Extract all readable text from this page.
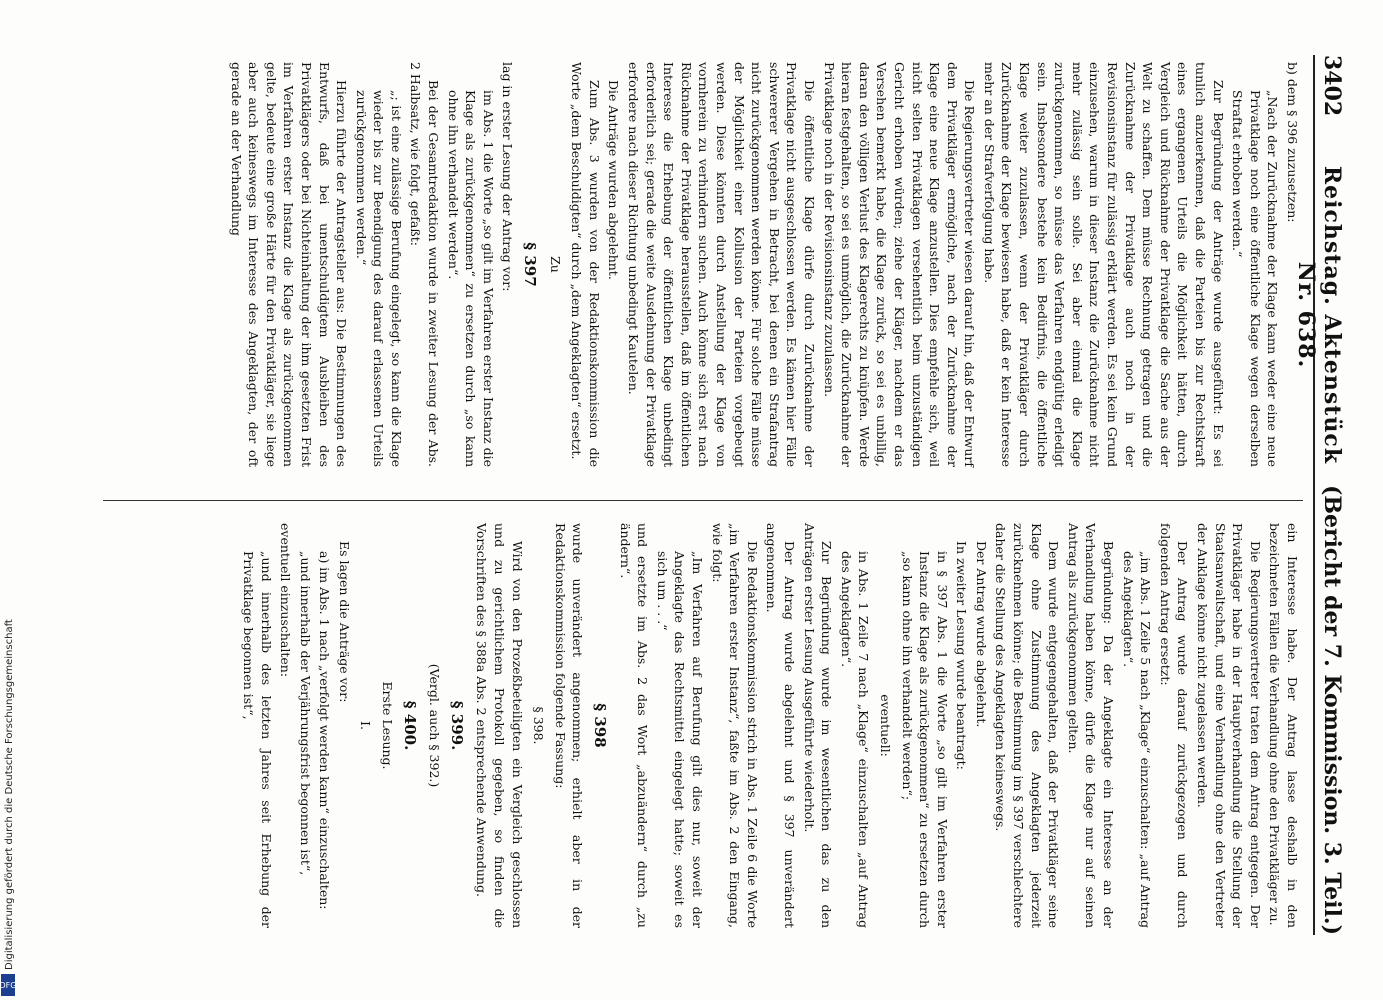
3402
Reichstag. Aktenstück Nr. 638.
(Bericht der 7. Kommission. 3. Teil.)

b) dem § 396 zuzusetzen:

„Nach der Zurücknahme der Klage kann weder eine neue Privatklage noch eine öffentliche Klage wegen derselben Straftat erhoben werden.“

Zur Begründung der Anträge wurde ausgeführt: Es sei tunlich anzuerkennen, daß die Parteien bis zur Rechtskraft eines ergangenen Urteils die Möglichkeit hätten, durch Vergleich und Rücknahme der Privatklage die Sache aus der Welt zu schaffen. Dem müsse Rechnung getragen und die Zurücknahme der Privatklage auch noch in der Revisionsinstanz für zulässig erklärt werden. Es sei kein Grund einzusehen, warum in dieser Instanz die Zurücknahme nicht mehr zulässig sein solle. Sei aber einmal die Klage zurückgenommen, so müsse das Verfahren endgültig erledigt sein. Insbesondere bestehe kein Bedürfnis, die öffentliche Klage weiter zuzulassen, wenn der Privatkläger durch Zurücknahme der Klage bewiesen habe, daß er kein Interesse mehr an der Strafverfolgung habe.

Die Regierungsvertreter wiesen darauf hin, daß der Entwurf dem Privatkläger ermögliche, nach der Zurücknahme der Klage eine neue Klage anzustellen. Dies empfehle sich, weil nicht selten Privatklagen versehentlich beim unzuständigen Gericht erhoben würden; ziehe der Kläger, nachdem er das Versehen bemerkt habe, die Klage zurück, so sei es unbillig, daran den völligen Verlust des Klagerechts zu knüpfen. Werde hieran festgehalten, so sei es unmöglich, die Zurücknahme der Privatklage noch in der Revisionsinstanz zuzulassen.

Die öffentliche Klage dürfe durch Zurücknahme der Privatklage nicht ausgeschlossen werden. Es kämen hier Fälle schwererer Vergehen in Betracht, bei denen ein Strafantrag nicht zurückgenommen werden könne. Für solche Fälle müsse der Möglichkeit einer Kollusion der Parteien vorgebeugt werden. Diese könnten durch Anstellung der Klage von vornherein zu verhindern suchen. Auch könne sich erst nach Rücknahme der Privatklage herausstellen, daß im öffentlichen Interesse die Erhebung der öffentlichen Klage unbedingt erforderlich sei; gerade die weite Ausdehnung der Privatklage erfordere nach dieser Richtung unbedingt Kautelen.

Die Anträge wurden abgelehnt.

Zum Abs. 3 wurden von der Redaktionskommission die Worte „dem Beschuldigten“ durch „dem Angeklagten“ ersetzt.

Zu
§ 397

lag in erster Lesung der Antrag vor:

im Abs. 1 die Worte „so gilt im Verfahren erster Instanz die Klage als zurückgenommen“ zu ersetzen durch „so kann ohne ihn verhandelt werden“.

Bei der Gesamtredaktion wurde in zweiter Lesung der Abs. 2 Halbsatz, wie folgt, gefaßt:

„; ist eine zulässige Berufung eingelegt, so kann die Klage wieder bis zur Beendigung des darauf erlassenen Urteils zurückgenommen werden.“

Hierzu führte der Antragsteller aus: Die Bestimmungen des Entwurfs, daß bei unentschuldigtem Ausbleiben des Privatklägers oder bei Nichteinhaltung der ihm gesetzten Frist im Verfahren erster Instanz die Klage als zurückgenommen gelte, bedeute eine große Härte für den Privatkläger, sie liege aber auch keineswegs im Interesse des Angeklagten, der oft gerade an der Verhandlung

ein Interesse habe. Der Antrag lasse deshalb in den bezeichneten Fällen die Verhandlung ohne den Privatkläger zu.

Die Regierungsvertreter traten dem Antrag entgegen. Der Privatkläger habe in der Hauptverhandlung die Stellung der Staatsanwaltschaft, und eine Verhandlung ohne den Vertreter der Anklage könne nicht zugelassen werden.

Der Antrag wurde darauf zurückgezogen und durch folgenden Antrag ersetzt:

„im Abs. 1 Zeile 5 nach „Klage“ einzuschalten: „auf Antrag des Angeklagten“.

Begründung: Da der Angeklagte ein Interesse an der Verhandlung haben könne, dürfe die Klage nur auf seinen Antrag als zurückgenommen gelten.

Dem wurde entgegengehalten, daß der Privatkläger seine Klage ohne Zustimmung des Angeklagten jederzeit zurücknehmen könne; die Bestimmung im § 397 verschlechtere daher die Stellung des Angeklagten keineswegs.

Der Antrag wurde abgelehnt.

In zweiter Lesung wurde beantragt:

in § 397 Abs. 1 die Worte „so gilt im Verfahren erster Instanz die Klage als zurückgenommen“ zu ersetzen durch „so kann ohne ihn verhandelt werden“;

eventuell:

in Abs. 1 Zeile 7 nach „Klage“ einzuschalten „auf Antrag des Angeklagten“.

Zur Begründung wurde im wesentlichen das zu den Anträgen erster Lesung Ausgeführte wiederholt.

Der Antrag wurde abgelehnt und § 397 unverändert angenommen.

Die Redaktionskommission strich in Abs. 1 Zeile 6 die Worte „im Verfahren erster Instanz“, faßte im Abs. 2 den Eingang, wie folgt:

„Im Verfahren auf Berufung gilt dies nur, soweit der Angeklagte das Rechtsmittel eingelegt hatte; soweit es sich um . . .“

und ersetzte im Abs. 2 das Wort „abzuändern“ durch „zu ändern“.

§ 398

wurde unverändert angenommen; erhielt aber in der Redaktionskommission folgende Fassung:

§ 398.

Wird von den Prozeßbeteiligten ein Vergleich geschlossen und zu gerichtlichem Protokoll gegeben, so finden die Vorschriften des § 388a Abs. 2 entsprechende Anwendung.

§ 399.
(Vergl. auch § 392.)
§ 400.
Erste Lesung.
I.

Es lagen die Anträge vor:

a) im Abs. 1 nach „verfolgt werden kann“ einzuschalten:

„und innerhalb der Verjährungsfrist begonnen ist“,

eventuell einzuschalten:

„und innerhalb des letzten Jahres seit Erhebung der Privatklage begonnen ist“,

Digitalisierung gefördert durch die Deutsche Forschungsgemeinschaft
DFG
